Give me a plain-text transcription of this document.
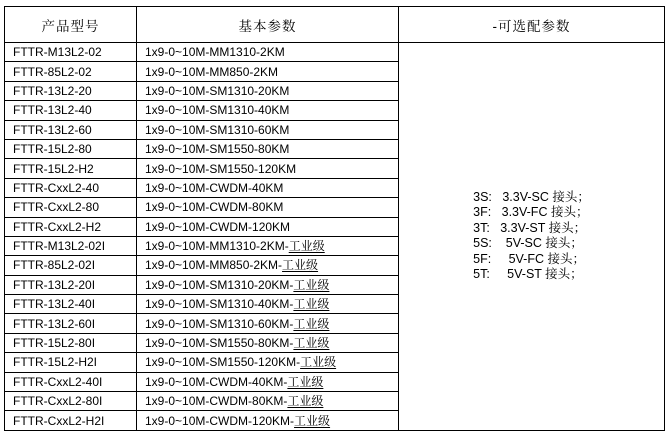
产品型号	基本参数	-可选配参数
FTTR-M13L2-02	1x9-0~10M-MM1310-2KM	
3S:   3.3V-SC 接头；
3F:   3.3V-FC 接头；
3T:   3.3V-ST 接头；
5S:    5V-SC 接头；
5F:     5V-FC 接头；
5T:     5V-ST 接头；

FTTR-85L2-02	1x9-0~10M-MM850-2KM	
FTTR-13L2-20	1x9-0~10M-SM1310-20KM	
FTTR-13L2-40	1x9-0~10M-SM1310-40KM	
FTTR-13L2-60	1x9-0~10M-SM1310-60KM	
FTTR-15L2-80	1x9-0~10M-SM1550-80KM	
FTTR-15L2-H2	1x9-0~10M-SM1550-120KM	
FTTR-CxxL2-40	1x9-0~10M-CWDM-40KM	
FTTR-CxxL2-80	1x9-0~10M-CWDM-80KM	
FTTR-CxxL2-H2	1x9-0~10M-CWDM-120KM	
FTTR-M13L2-02I	1x9-0~10M-MM1310-2KM-工业级	
FTTR-85L2-02I	1x9-0~10M-MM850-2KM-工业级	
FTTR-13L2-20I	1x9-0~10M-SM1310-20KM-工业级	
FTTR-13L2-40I	1x9-0~10M-SM1310-40KM-工业级	
FTTR-13L2-60I	1x9-0~10M-SM1310-60KM-工业级	
FTTR-15L2-80I	1x9-0~10M-SM1550-80KM-工业级	
FTTR-15L2-H2I	1x9-0~10M-SM1550-120KM-工业级	
FTTR-CxxL2-40I	1x9-0~10M-CWDM-40KM-工业级	
FTTR-CxxL2-80I	1x9-0~10M-CWDM-80KM-工业级	
FTTR-CxxL2-H2I	1x9-0~10M-CWDM-120KM-工业级	
